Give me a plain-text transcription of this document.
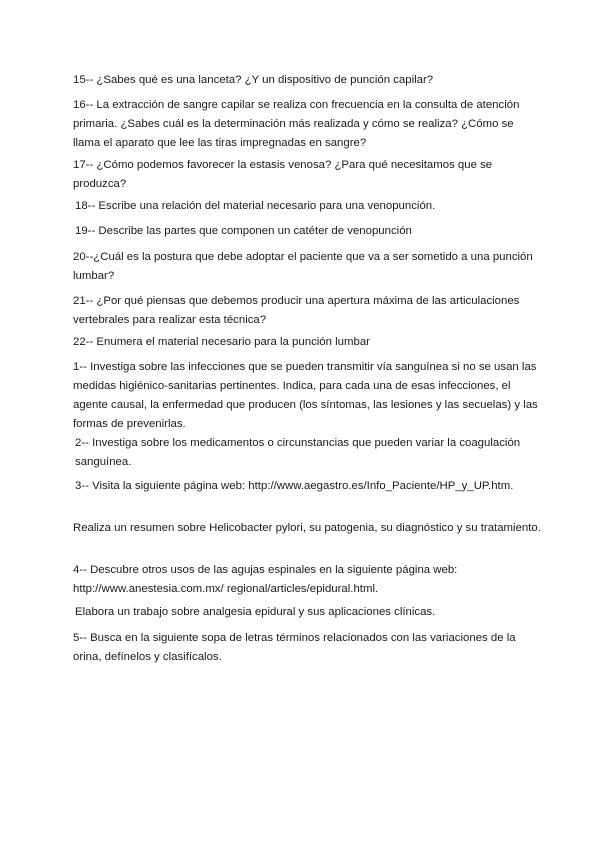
15-- ¿Sabes qué es una lanceta? ¿Y un dispositivo de punción capilar?

16-- La extracción de sangre capilar se realiza con frecuencia en la consulta de atención primaria. ¿Sabes cuál es la determinación más realizada y cómo se realiza? ¿Cómo se llama el aparato que lee las tiras impregnadas en sangre?

17-- ¿Cómo podemos favorecer la estasis venosa? ¿Para qué necesitamos que se produzca?

18-- Escribe una relación del material necesario para una venopunción.

19-- Describe las partes que componen un catéter de venopunción

20--¿Cuál es la postura que debe adoptar el paciente que va a ser sometido a una punción lumbar?

21-- ¿Por qué piensas que debemos producir una apertura máxima de las articulaciones vertebrales para realizar esta técnica?

22-- Enumera el material necesario para la punción lumbar

1-- Investiga sobre las infecciones que se pueden transmitir vía sanguínea si no se usan las medidas higiénico-sanitarias pertinentes. Indica, para cada una de esas infecciones, el agente causal, la enfermedad que producen (los síntomas, las lesiones y las secuelas) y las formas de prevenirlas.

2-- Investiga sobre los medicamentos o circunstancias que pueden variar la coagulación sanguínea.

3-- Visita la siguiente página web: http://www.aegastro.es/Info_Paciente/HP_y_UP.htm.

Realiza un resumen sobre Helicobacter pylori, su patogenia, su diagnóstico y su tratamiento.

4-- Descubre otros usos de las agujas espinales en la siguiente página web: http://www.anestesia.com.mx/ regional/articles/epidural.html.

Elabora un trabajo sobre analgesia epidural y sus aplicaciones clínicas.

5-- Busca en la siguiente sopa de letras términos relacionados con las variaciones de la orina, defínelos y clasifícalos.
